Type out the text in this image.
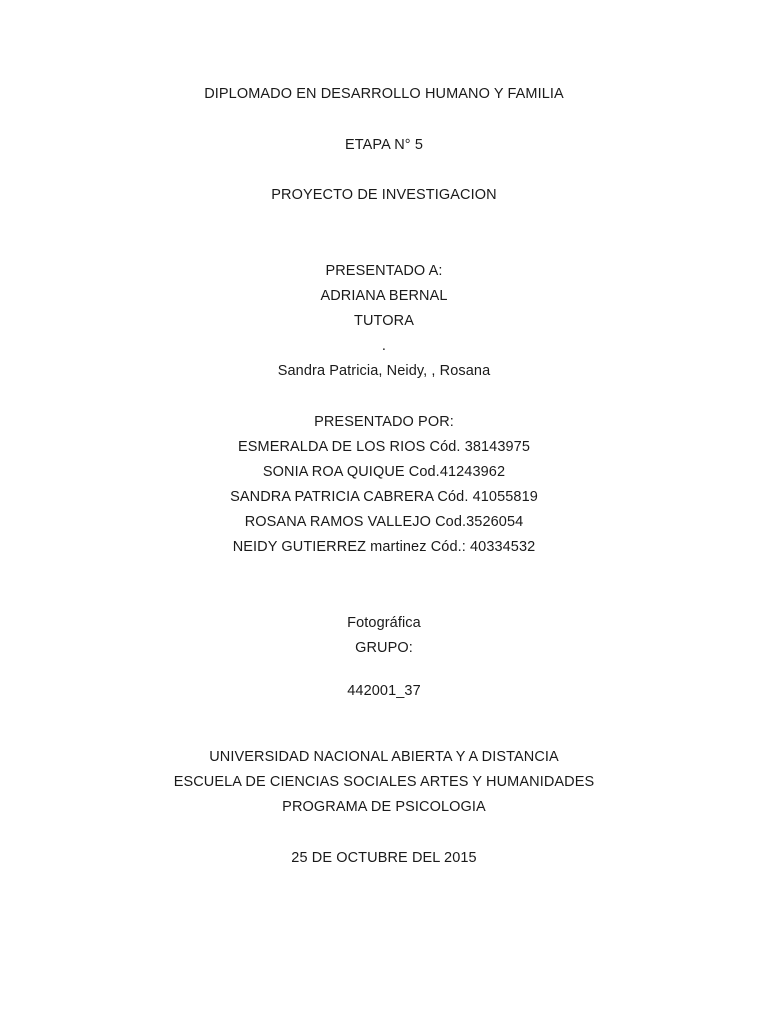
DIPLOMADO EN DESARROLLO HUMANO Y FAMILIA
ETAPA N° 5
PROYECTO DE INVESTIGACION
PRESENTADO A:
ADRIANA BERNAL
TUTORA
.
Sandra Patricia, Neidy, , Rosana
PRESENTADO POR:
ESMERALDA DE LOS RIOS Cód. 38143975
SONIA ROA QUIQUE Cod.41243962
SANDRA PATRICIA CABRERA Cód. 41055819
ROSANA RAMOS VALLEJO Cod.3526054
NEIDY GUTIERREZ martinez Cód.: 40334532
Fotográfica
GRUPO:
442001_37
UNIVERSIDAD NACIONAL ABIERTA Y A DISTANCIA
ESCUELA DE CIENCIAS SOCIALES ARTES Y HUMANIDADES
PROGRAMA DE PSICOLOGIA
25 DE OCTUBRE DEL 2015
